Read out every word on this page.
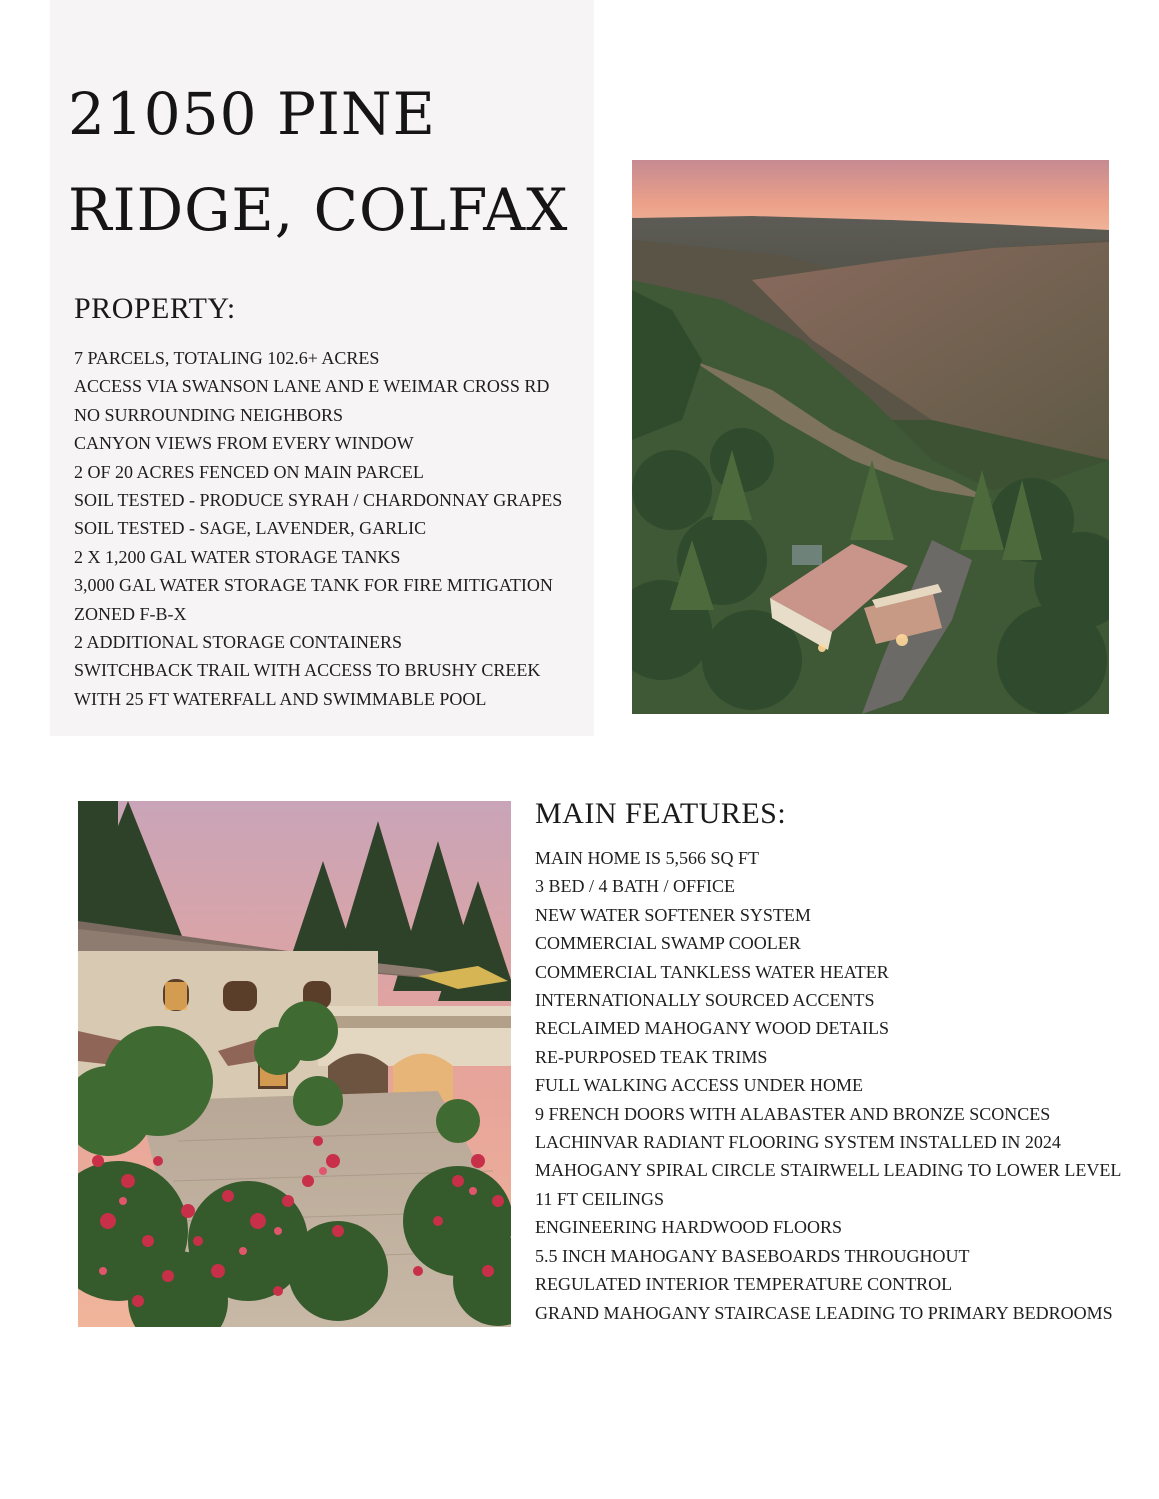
21050 PINE
RIDGE, COLFAX
PROPERTY:
7 PARCELS, TOTALING 102.6+ ACRES
ACCESS VIA SWANSON LANE AND E WEIMAR CROSS RD
NO SURROUNDING NEIGHBORS
CANYON VIEWS FROM EVERY WINDOW
2 OF 20 ACRES FENCED ON MAIN PARCEL
SOIL TESTED - PRODUCE SYRAH / CHARDONNAY GRAPES
SOIL TESTED - SAGE, LAVENDER, GARLIC
2 X 1,200 GAL WATER STORAGE TANKS
3,000 GAL WATER STORAGE TANK FOR FIRE MITIGATION
ZONED F-B-X
2 ADDITIONAL STORAGE CONTAINERS
SWITCHBACK TRAIL WITH ACCESS TO BRUSHY CREEK
WITH 25 FT WATERFALL AND SWIMMABLE POOL
MAIN FEATURES:
MAIN HOME IS 5,566 SQ FT
3 BED / 4 BATH / OFFICE
NEW WATER SOFTENER SYSTEM
COMMERCIAL SWAMP COOLER
COMMERCIAL TANKLESS WATER HEATER
INTERNATIONALLY SOURCED ACCENTS
RECLAIMED MAHOGANY WOOD DETAILS
RE-PURPOSED TEAK TRIMS
FULL WALKING ACCESS UNDER HOME
9 FRENCH DOORS WITH ALABASTER AND BRONZE SCONCES
LACHINVAR RADIANT FLOORING SYSTEM INSTALLED IN 2024
MAHOGANY SPIRAL CIRCLE STAIRWELL LEADING TO LOWER LEVEL
11 FT CEILINGS
ENGINEERING HARDWOOD FLOORS
5.5 INCH MAHOGANY BASEBOARDS THROUGHOUT
REGULATED INTERIOR TEMPERATURE CONTROL
GRAND MAHOGANY STAIRCASE LEADING TO PRIMARY BEDROOMS
